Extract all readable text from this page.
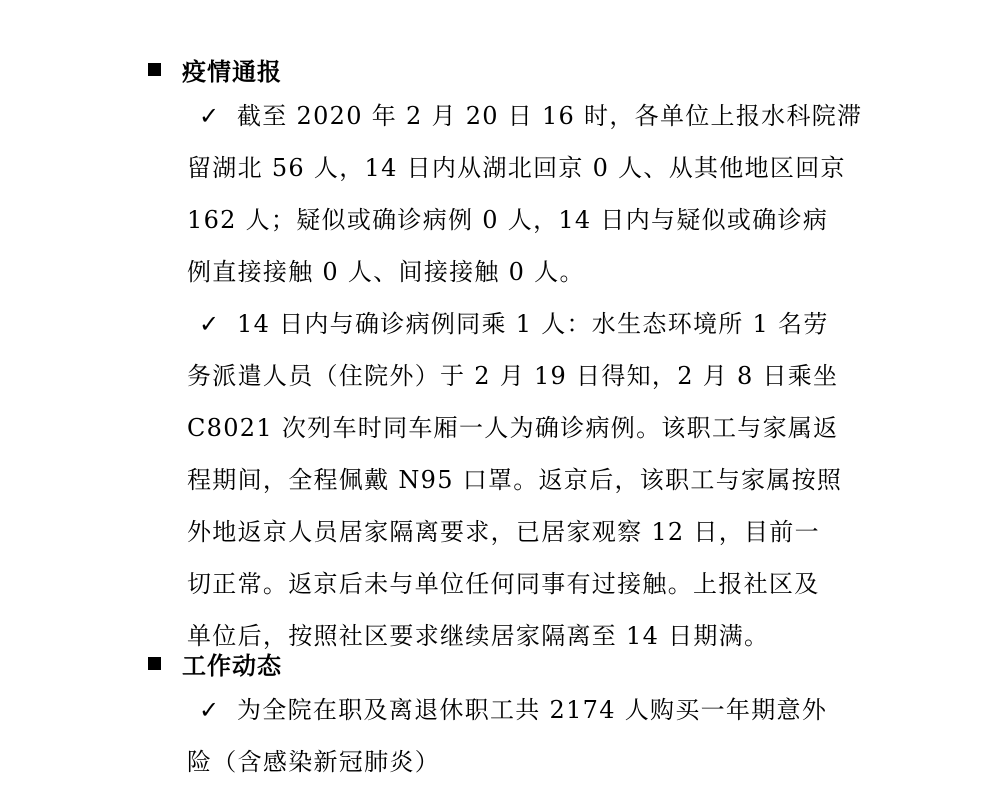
疫情通报
✓ 截至 2020 年 2 月 20 日 16 时，各单位上报水科院滞
留湖北 56 人，14 日内从湖北回京 0 人、从其他地区回京
162 人；疑似或确诊病例 0 人，14 日内与疑似或确诊病
例直接接触 0 人、间接接触 0 人。
✓ 14 日内与确诊病例同乘 1 人：水生态环境所 1 名劳
务派遣人员（住院外）于 2 月 19 日得知，2 月 8 日乘坐
C8021 次列车时同车厢一人为确诊病例。该职工与家属返
程期间，全程佩戴 N95 口罩。返京后，该职工与家属按照
外地返京人员居家隔离要求，已居家观察 12 日，目前一
切正常。返京后未与单位任何同事有过接触。上报社区及
单位后，按照社区要求继续居家隔离至 14 日期满。
工作动态
✓ 为全院在职及离退休职工共 2174 人购买一年期意外
险（含感染新冠肺炎）
